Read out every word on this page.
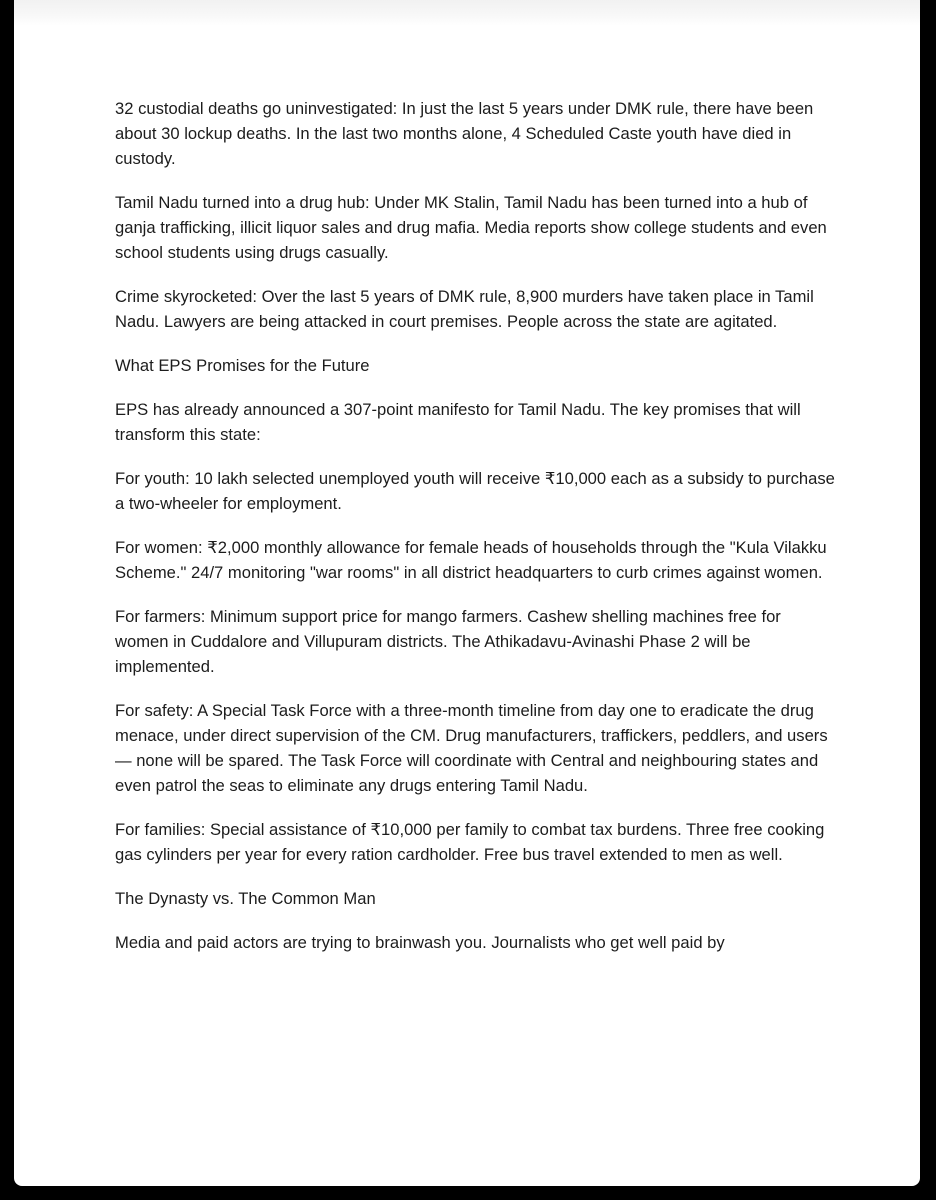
32 custodial deaths go uninvestigated: In just the last 5 years under DMK rule, there have been about 30 lockup deaths. In the last two months alone, 4 Scheduled Caste youth have died in custody.

Tamil Nadu turned into a drug hub: Under MK Stalin, Tamil Nadu has been turned into a hub of ganja trafficking, illicit liquor sales and drug mafia. Media reports show college students and even school students using drugs casually.

Crime skyrocketed: Over the last 5 years of DMK rule, 8,900 murders have taken place in Tamil Nadu. Lawyers are being attacked in court premises. People across the state are agitated.

What EPS Promises for the Future

EPS has already announced a 307-point manifesto for Tamil Nadu. The key promises that will transform this state:

For youth: 10 lakh selected unemployed youth will receive ₹10,000 each as a subsidy to purchase a two-wheeler for employment.

For women: ₹2,000 monthly allowance for female heads of households through the "Kula Vilakku Scheme." 24/7 monitoring "war rooms" in all district headquarters to curb crimes against women.

For farmers: Minimum support price for mango farmers. Cashew shelling machines free for women in Cuddalore and Villupuram districts. The Athikadavu-Avinashi Phase 2 will be implemented.

For safety: A Special Task Force with a three-month timeline from day one to eradicate the drug menace, under direct supervision of the CM. Drug manufacturers, traffickers, peddlers, and users — none will be spared. The Task Force will coordinate with Central and neighbouring states and even patrol the seas to eliminate any drugs entering Tamil Nadu.

For families: Special assistance of ₹10,000 per family to combat tax burdens. Three free cooking gas cylinders per year for every ration cardholder. Free bus travel extended to men as well.

The Dynasty vs. The Common Man

Media and paid actors are trying to brainwash you. Journalists who get well paid by
